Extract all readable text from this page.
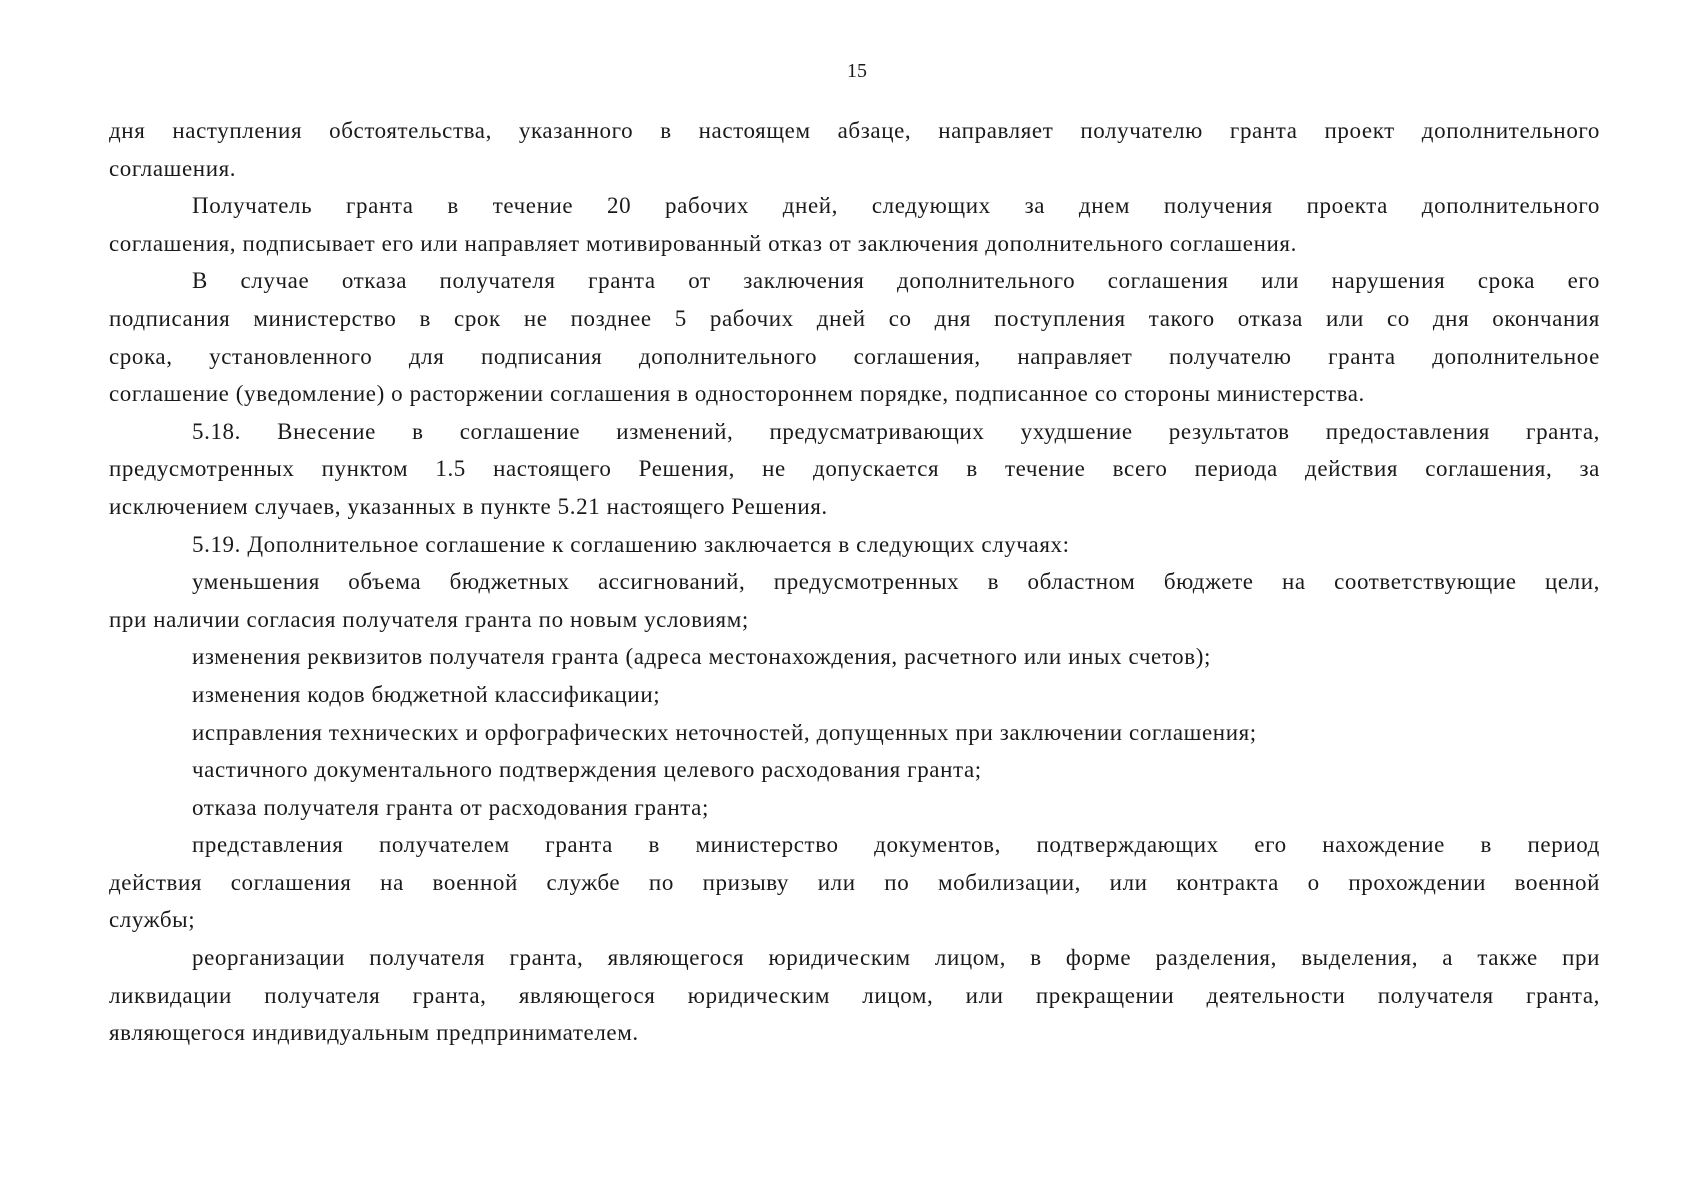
15
дня наступления обстоятельства, указанного в настоящем абзаце, направляет получателю гранта проект дополнительного
соглашения.
Получатель гранта в течение 20 рабочих дней, следующих за днем получения проекта дополнительного
соглашения, подписывает его или направляет мотивированный отказ от заключения дополнительного соглашения.
В случае отказа получателя гранта от заключения дополнительного соглашения или нарушения срока его
подписания министерство в срок не позднее 5 рабочих дней со дня поступления такого отказа или со дня окончания
срока, установленного для подписания дополнительного соглашения, направляет получателю гранта дополнительное
соглашение (уведомление) о расторжении соглашения в одностороннем порядке, подписанное со стороны министерства.
5.18. Внесение в соглашение изменений, предусматривающих ухудшение результатов предоставления гранта,
предусмотренных пунктом 1.5 настоящего Решения, не допускается в течение всего периода действия соглашения, за
исключением случаев, указанных в пункте 5.21 настоящего Решения.
5.19. Дополнительное соглашение к соглашению заключается в следующих случаях:
уменьшения объема бюджетных ассигнований, предусмотренных в областном бюджете на соответствующие цели,
при наличии согласия получателя гранта по новым условиям;
изменения реквизитов получателя гранта (адреса местонахождения, расчетного или иных счетов);
изменения кодов бюджетной классификации;
исправления технических и орфографических неточностей, допущенных при заключении соглашения;
частичного документального подтверждения целевого расходования гранта;
отказа получателя гранта от расходования гранта;
представления получателем гранта в министерство документов, подтверждающих его нахождение в период
действия соглашения на военной службе по призыву или по мобилизации, или контракта о прохождении военной
службы;
реорганизации получателя гранта, являющегося юридическим лицом, в форме разделения, выделения, а также при
ликвидации получателя гранта, являющегося юридическим лицом, или прекращении деятельности получателя гранта,
являющегося индивидуальным предпринимателем.
